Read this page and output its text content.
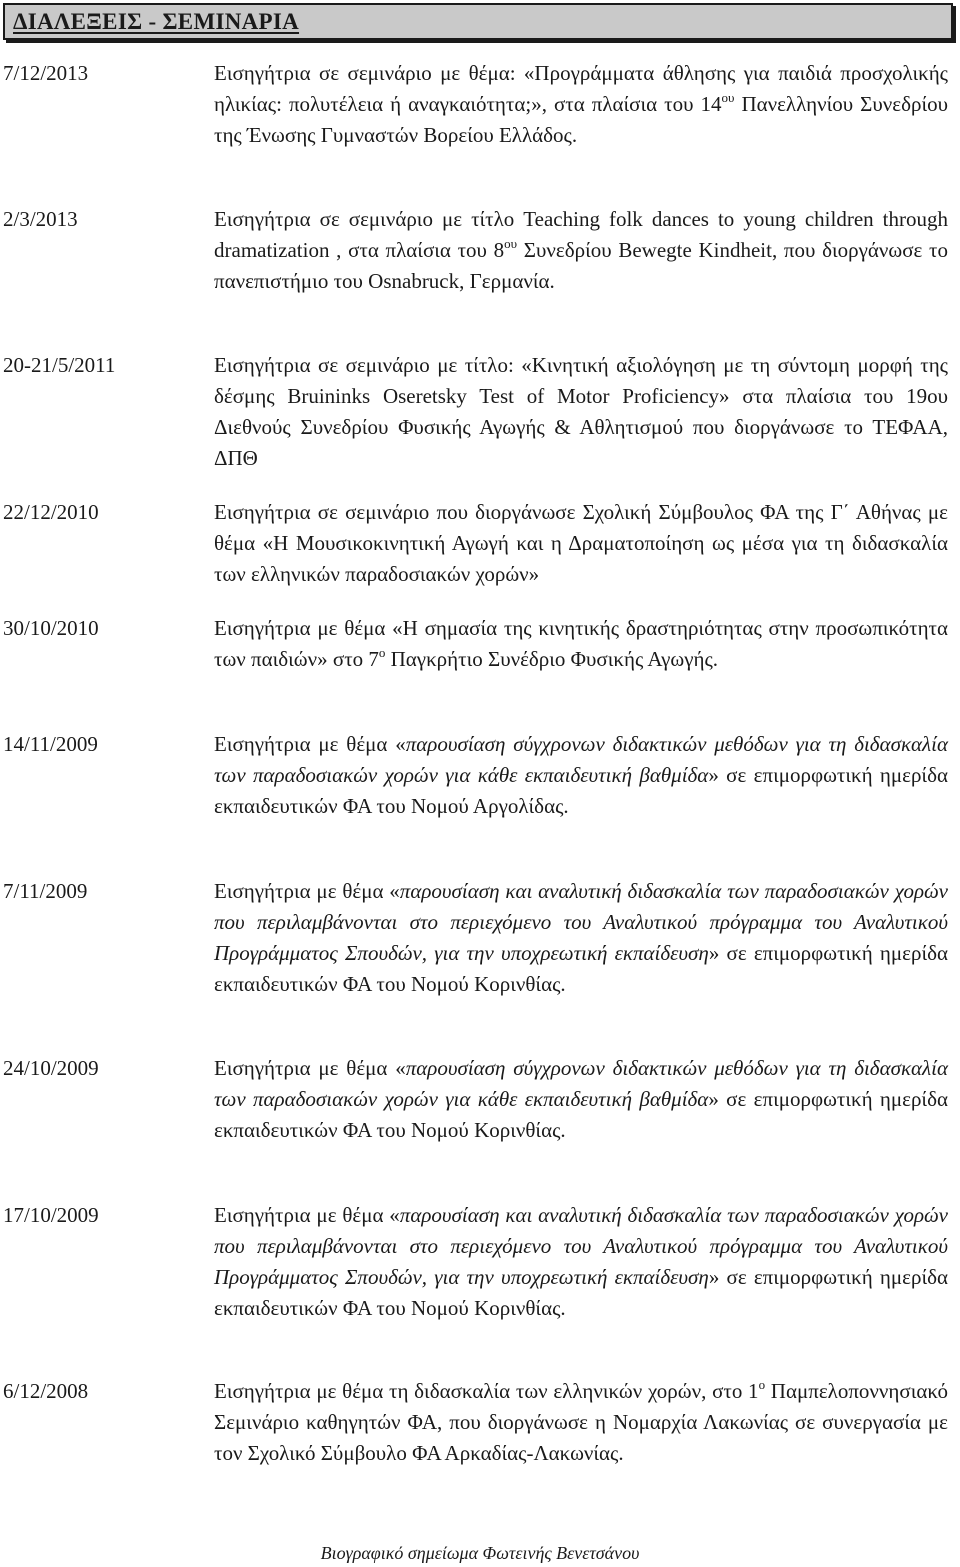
ΔΙΑΛΕΞΕΙΣ - ΣΕΜΙΝΑΡΙΑ
7/12/2013	Εισηγήτρια σε σεμινάριο με θέμα: «Προγράμματα άθλησης για παιδιά προσχολικής ηλικίας: πολυτέλεια ή αναγκαιότητα;», στα πλαίσια του $14^{o\upsilon}$ Πανελληνίου Συνεδρίου της Ένωσης Γυμναστών Βορείου Ελλάδος.
2/3/2013	Εισηγήτρια σε σεμινάριο με τίτλο Teaching folk dances to young children through dramatization , στα πλαίσια του $8^{o\upsilon}$ Συνεδρίου Bewegte Kindheit, που διοργάνωσε το πανεπιστήμιο του Osnabruck, Γερμανία.
20-21/5/2011	Εισηγήτρια σε σεμινάριο με τίτλο: «Κινητική αξιολόγηση με τη σύντομη μορφή της δέσμης Bruininks Oseretsky Test of Motor Proficiency» στα πλαίσια του 19ου Διεθνούς Συνεδρίου Φυσικής Αγωγής & Αθλητισμού που διοργάνωσε το ΤΕΦΑΑ, ΔΠΘ
22/12/2010	Εισηγήτρια σε σεμινάριο που διοργάνωσε Σχολική Σύμβουλος ΦΑ της Γ΄ Αθήνας με θέμα «Η Μουσικοκινητική Αγωγή και η Δραματοποίηση ως μέσα για τη διδασκαλία των ελληνικών παραδοσιακών χορών»
30/10/2010	Εισηγήτρια με θέμα «Η σημασία της κινητικής δραστηριότητας στην προσωπικότητα των παιδιών» στο $7^o$ Παγκρήτιο Συνέδριο Φυσικής Αγωγής.
14/11/2009	Εισηγήτρια με θέμα «παρουσίαση σύγχρονων διδακτικών μεθόδων για τη διδασκαλία των παραδοσιακών χορών για κάθε εκπαιδευτική βαθμίδα» σε επιμορφωτική ημερίδα εκπαιδευτικών ΦΑ του Νομού Αργολίδας.
7/11/2009	Εισηγήτρια με θέμα «παρουσίαση και αναλυτική διδασκαλία των παραδοσιακών χορών που περιλαμβάνονται στο περιεχόμενο του Αναλυτικού πρόγραμμα του Αναλυτικού Προγράμματος Σπουδών, για την υποχρεωτική εκπαίδευση» σε επιμορφωτική ημερίδα εκπαιδευτικών ΦΑ του Νομού Κορινθίας.
24/10/2009	Εισηγήτρια με θέμα «παρουσίαση σύγχρονων διδακτικών μεθόδων για τη διδασκαλία των παραδοσιακών χορών για κάθε εκπαιδευτική βαθμίδα» σε επιμορφωτική ημερίδα εκπαιδευτικών ΦΑ του Νομού Κορινθίας.
17/10/2009	Εισηγήτρια με θέμα «παρουσίαση και αναλυτική διδασκαλία των παραδοσιακών χορών που περιλαμβάνονται στο περιεχόμενο του Αναλυτικού πρόγραμμα του Αναλυτικού Προγράμματος Σπουδών, για την υποχρεωτική εκπαίδευση» σε επιμορφωτική ημερίδα εκπαιδευτικών ΦΑ του Νομού Κορινθίας.
6/12/2008	Εισηγήτρια με θέμα τη διδασκαλία των ελληνικών χορών, στο $1^o$ Παμπελοποννησιακό Σεμινάριο καθηγητών ΦΑ, που διοργάνωσε η Νομαρχία Λακωνίας σε συνεργασία με τον Σχολικό Σύμβουλο ΦΑ Αρκαδίας-Λακωνίας.
Βιογραφικό σημείωμα Φωτεινής Βενετσάνου
